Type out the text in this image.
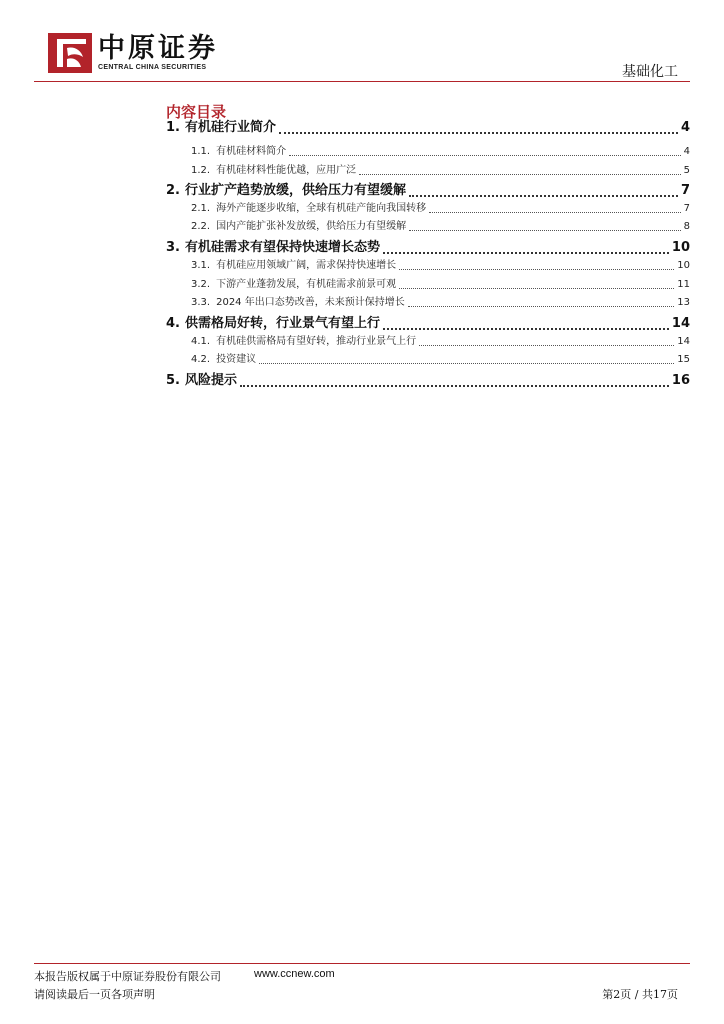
中原证券
CENTRAL CHINA SECURITIES	基础化工
内容目录
1. 有机硅行业简介	4
1.1. 有机硅材料简介	4
1.2. 有机硅材料性能优越，应用广泛	5
2. 行业扩产趋势放缓，供给压力有望缓解	7
2.1. 海外产能逐步收缩，全球有机硅产能向我国转移	7
2.2. 国内产能扩张补发放缓，供给压力有望缓解	8
3. 有机硅需求有望保持快速增长态势	10
3.1. 有机硅应用领域广阔，需求保持快速增长	10
3.2. 下游产业蓬勃发展，有机硅需求前景可观	11
3.3. 2024 年出口态势改善，未来预计保持增长	13
4. 供需格局好转，行业景气有望上行	14
4.1. 有机硅供需格局有望好转，推动行业景气上行	14
4.2. 投资建议	15
5. 风险提示	16
本报告版权属于中原证券股份有限公司	www.ccnew.com
请阅读最后一页各项声明	第2页 / 共17页
